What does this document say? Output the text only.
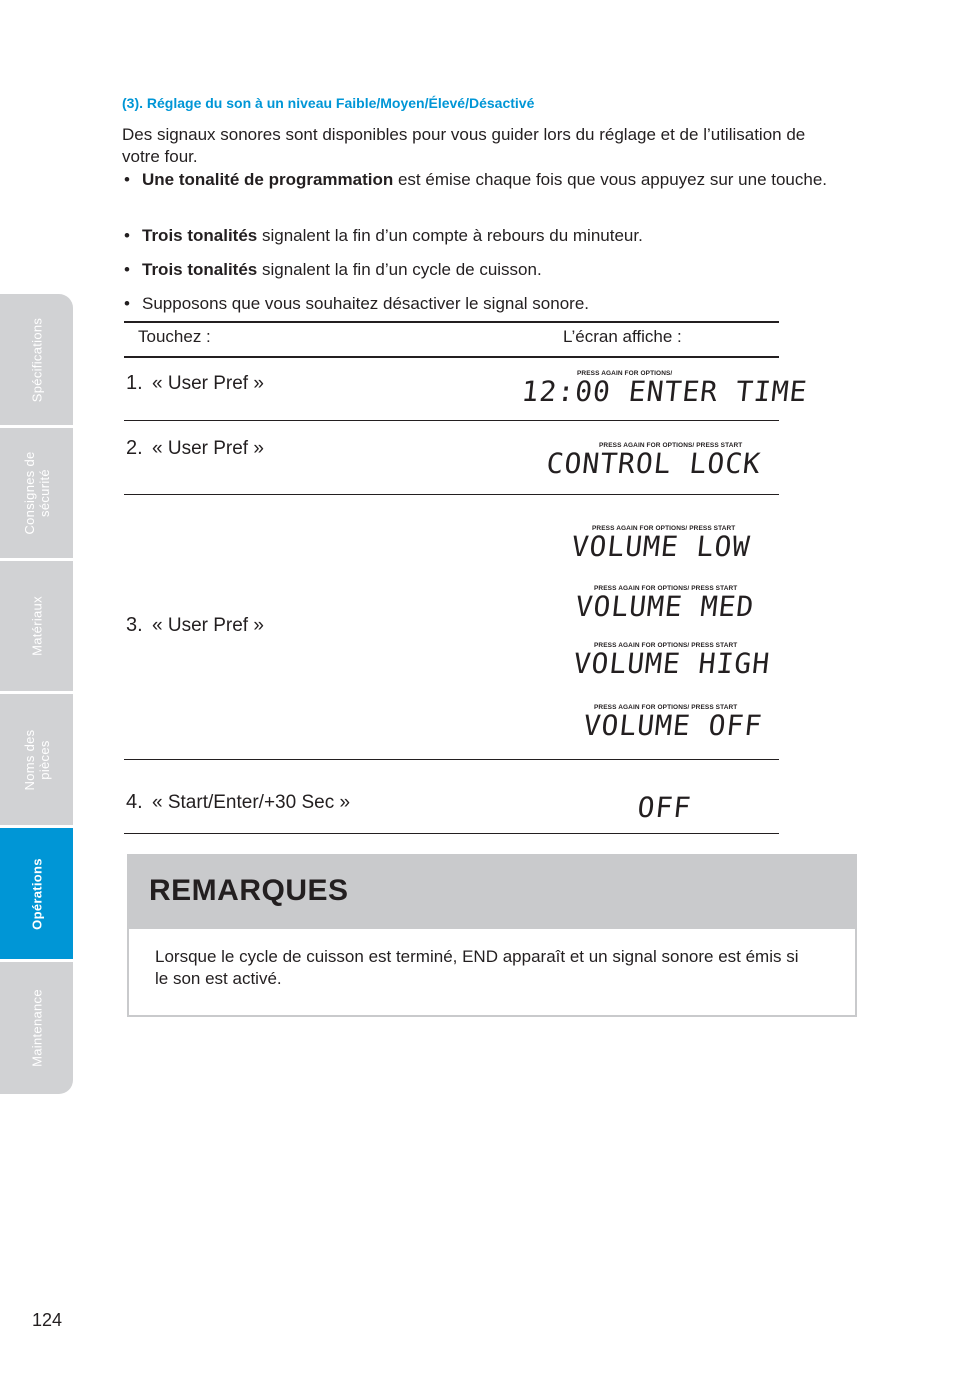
Spécifications
Consignes de
sécurité
Matériaux
Noms des
pièces
Opérations
Maintenance
(3). Réglage du son à un niveau Faible/Moyen/Élevé/Désactivé
Des signaux sonores sont disponibles pour vous guider lors du réglage et de l’utilisation de votre four.
• Une tonalité de programmation est émise chaque fois que vous appuyez sur une touche.
• Trois tonalités signalent la fin d’un compte à rebours du minuteur.
• Trois tonalités signalent la fin d’un cycle de cuisson.
• Supposons que vous souhaitez désactiver le signal sonore.
Touchez :	L’écran affiche :
1. « User Pref »	PRESS AGAIN FOR OPTIONS/
12:00 ENTER TIME
2. « User Pref »	PRESS AGAIN FOR OPTIONS/ PRESS START
CONTROL LOCK
3. « User Pref »
PRESS AGAIN FOR OPTIONS/ PRESS START
VOLUME LOW
PRESS AGAIN FOR OPTIONS/ PRESS START
VOLUME MED
PRESS AGAIN FOR OPTIONS/ PRESS START
VOLUME HIGH
PRESS AGAIN FOR OPTIONS/ PRESS START
VOLUME OFF
4. « Start/Enter/+30 Sec »	OFF
REMARQUES
Lorsque le cycle de cuisson est terminé, END apparaît et un signal sonore est émis si le son est activé.
124
